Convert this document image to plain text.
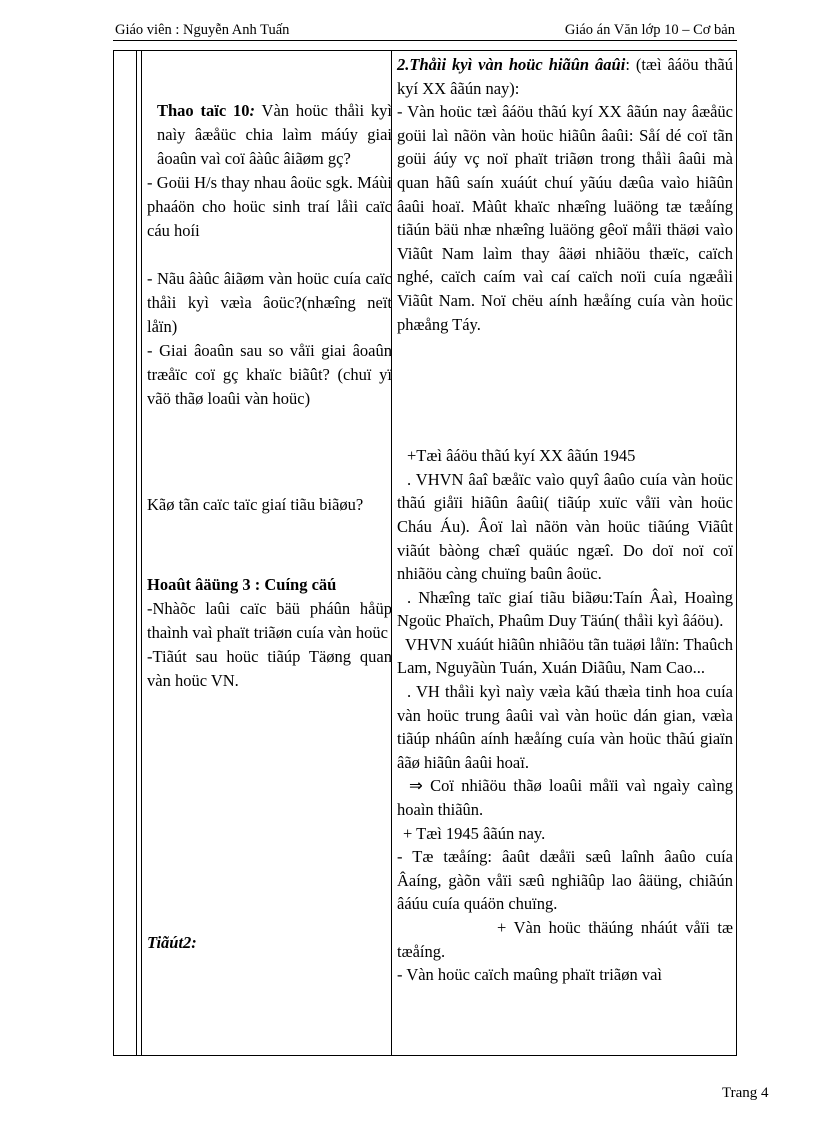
Giáo viên : Nguyễn Anh Tuấn	Giáo án Văn lớp 10 – Cơ bản

Thao taïc 10: Vàn hoüc thåìi kyì naìy âæåüc chia laìm máúy giai âoaûn vaì coï âàûc âiãøm gç?

- Goüi H/s thay nhau âoüc sgk. Máùi phaáön cho hoüc sinh traí låìi caïc cáu hoíi

- Nãu âàûc âiãøm vàn hoüc cuía caïc thåìi kyì væìa âoüc?(nhæîng neït låïn)

- Giai âoaûn sau so våïi giai âoaûn træåïc coï gç khaïc biãût? (chuï yï vãö thãø loaûi vàn hoüc)

Kãø tãn caïc taïc giaí tiãu biãøu?

Hoaût âäüng 3 : Cuíng cäú

-Nhàõc laûi caïc bäü pháûn håüp thaình vaì phaït triãøn cuía vàn hoüc

-Tiãút sau hoüc tiãúp Täøng quan vàn hoüc VN.

Tiãút2:

2.Thåìi kyì vàn hoüc hiãûn âaûi: (tæì âáöu thãú kyí XX âãún nay):

- Vàn hoüc tæì âáöu thãú kyí XX âãún nay âæåüc goüi laì nãön vàn hoüc hiãûn âaûi: Såí dé coï tãn goüi áúy vç noï phaït triãøn trong thåìi âaûi mà quan hãû saín xuáút chuí yãúu dæûa vaìo hiãûn âaûi hoaï. Màût khaïc nhæîng luäöng tæ tæåíng tiãún bäü nhæ nhæîng luäöng gêoï måïi thäøi vaìo Viãût Nam laìm thay âäøi nhiãöu thæïc, caïch nghé, caïch caím vaì caí caïch noïi cuía ngæåìi Viãût Nam. Noï chëu aính hæåíng cuía vàn hoüc phæång Táy.

+Tæì âáöu thãú kyí XX âãún 1945

. VHVN âaî bæåïc vaìo quyî âaûo cuía vàn hoüc thãú giåïi hiãûn âaûi( tiãúp xuïc våïi vàn hoüc Cháu Áu). Âoï laì nãön vàn hoüc tiãúng Viãût viãút bàòng chæî quäúc ngæî. Do doï noï coï nhiãöu càng chuïng baûn âoüc.

. Nhæîng taïc giaí tiãu biãøu:Taín Âaì, Hoaìng Ngoüc Phaïch, Phaûm Duy Täún( thåìi kyì âáöu).

VHVN xuáút hiãûn nhiãöu tãn tuäøi låïn: Thaûch Lam, Nguyãùn Tuán, Xuán Diãûu, Nam Cao...

. VH thåìi kyì naìy væìa kãú thæìa tinh hoa cuía vàn hoüc trung âaûi vaì vàn hoüc dán gian, væìa tiãúp nháûn aính hæåíng cuía vàn hoüc thãú giaïn âãø hiãûn âaûi hoaï.

⇒ Coï nhiãöu thãø loaûi måïi vaì ngaìy caìng hoaìn thiãûn.

+ Tæì 1945 âãún nay.

- Tæ tæåíng: âaût dæåïi sæû laînh âaûo cuía Âaíng, gàõn våïi sæû nghiãûp lao âäüng, chiãún âáúu cuía quáön chuïng.

+ Vàn hoüc thäúng nháút våïi tæ tæåíng.

- Vàn hoüc caïch maûng phaït triãøn vaì

Trang 4
